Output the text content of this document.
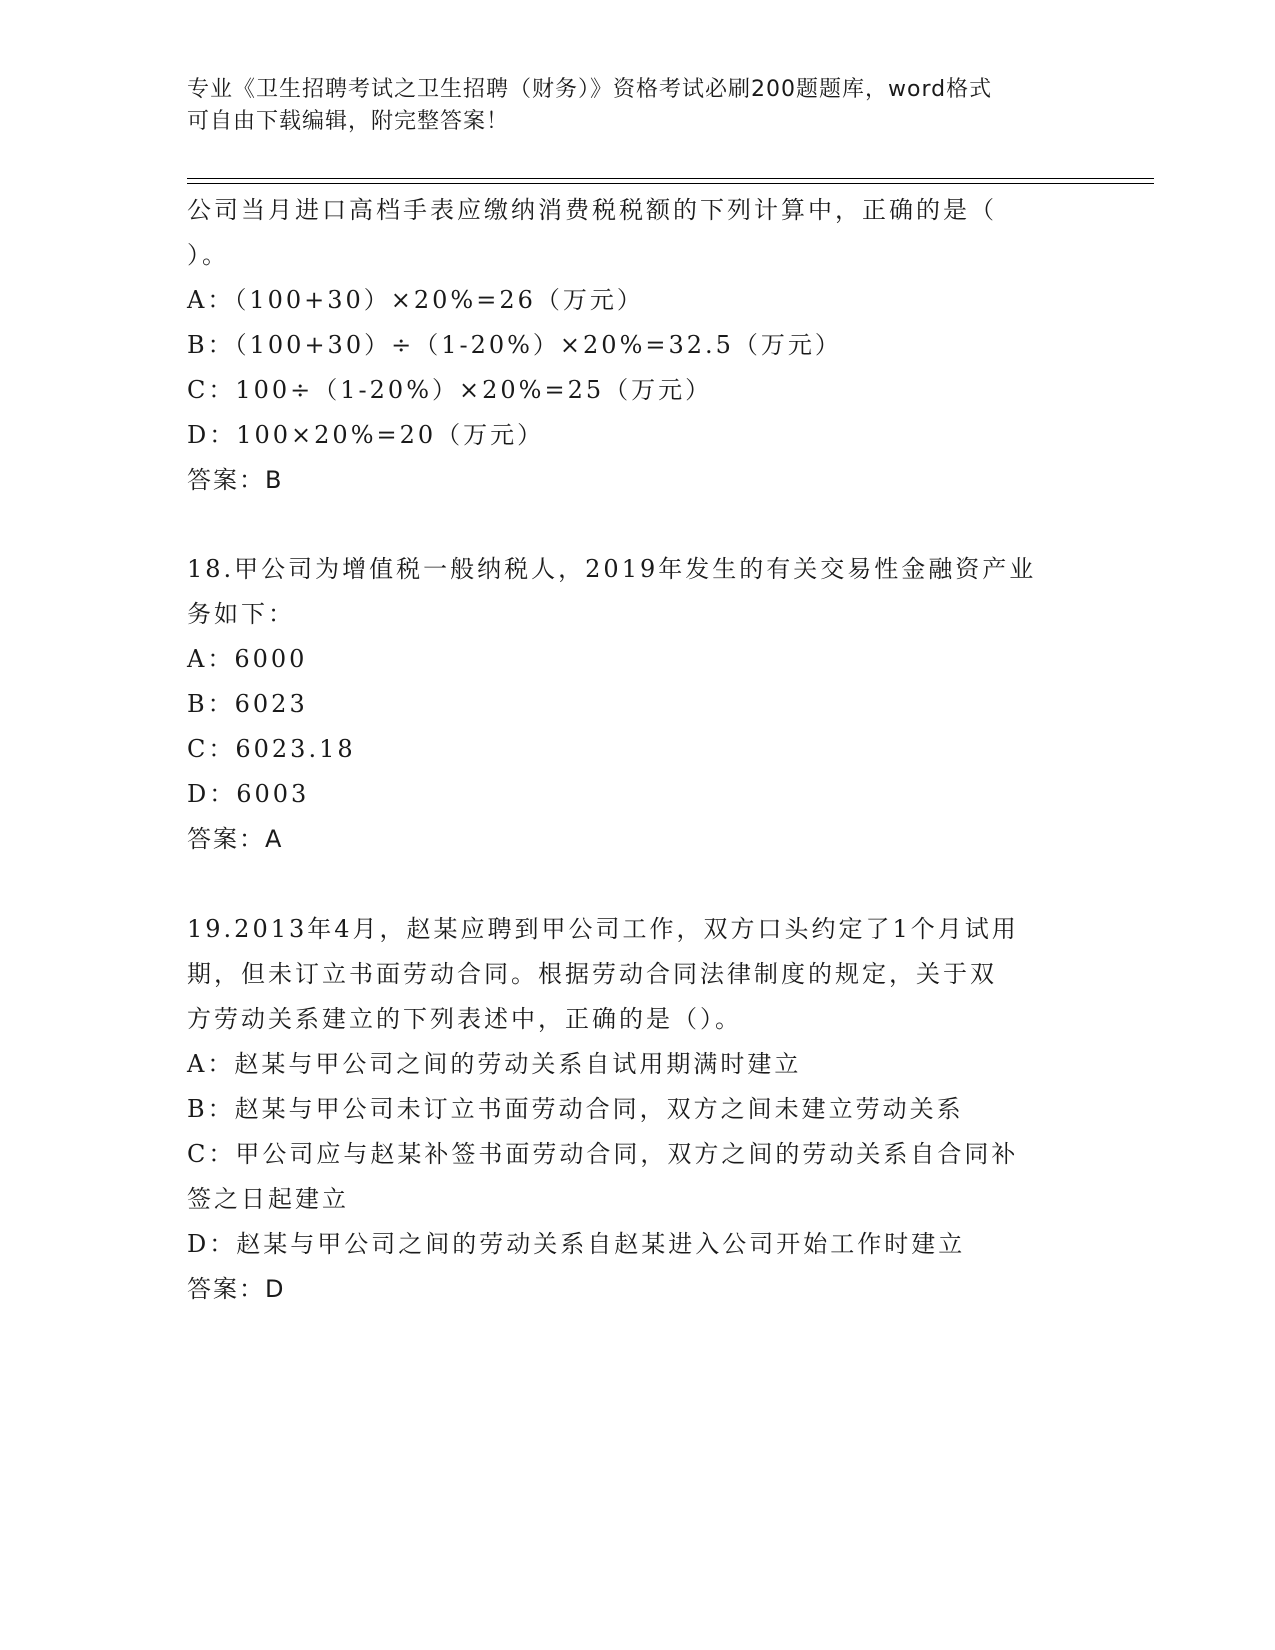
专业《卫生招聘考试之卫生招聘（财务）》资格考试必刷200题题库，word格式
可自由下载编辑，附完整答案！
公司当月进口高档手表应缴纳消费税税额的下列计算中，正确的是（
）。
A：（100+30）×20%=26（万元）
B：（100+30）÷（1-20%）×20%=32.5（万元）
C：100÷（1-20%）×20%=25（万元）
D：100×20%=20（万元）
答案：B
18.甲公司为增值税一般纳税人，2019年发生的有关交易性金融资产业
务如下：
A：6000
B：6023
C：6023.18
D：6003
答案：A
19.2013年4月，赵某应聘到甲公司工作，双方口头约定了1个月试用
期，但未订立书面劳动合同。根据劳动合同法律制度的规定，关于双
方劳动关系建立的下列表述中，正确的是（）。
A：赵某与甲公司之间的劳动关系自试用期满时建立
B：赵某与甲公司未订立书面劳动合同，双方之间未建立劳动关系
C：甲公司应与赵某补签书面劳动合同，双方之间的劳动关系自合同补
签之日起建立
D：赵某与甲公司之间的劳动关系自赵某进入公司开始工作时建立
答案：D
